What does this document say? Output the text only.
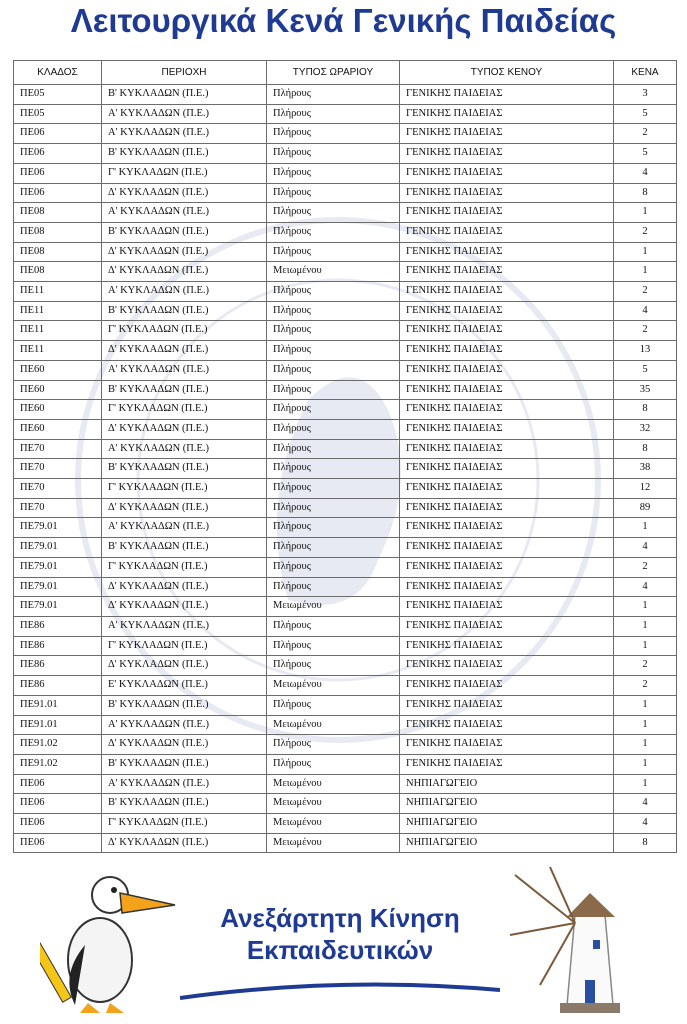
Λειτουργικά Κενά Γενικής Παιδείας
ΚΛΑΔΟΣ	ΠΕΡΙΟΧΗ	ΤΥΠΟΣ ΩΡΑΡΙΟΥ	ΤΥΠΟΣ ΚΕΝΟΥ	ΚΕΝΑ
ΠΕ05	Β' ΚΥΚΛΑΔΩΝ (Π.Ε.)	Πλήρους	ΓΕΝΙΚΗΣ ΠΑΙΔΕΙΑΣ	3
ΠΕ05	Α' ΚΥΚΛΑΔΩΝ (Π.Ε.)	Πλήρους	ΓΕΝΙΚΗΣ ΠΑΙΔΕΙΑΣ	5
ΠΕ06	Α' ΚΥΚΛΑΔΩΝ (Π.Ε.)	Πλήρους	ΓΕΝΙΚΗΣ ΠΑΙΔΕΙΑΣ	2
ΠΕ06	Β' ΚΥΚΛΑΔΩΝ (Π.Ε.)	Πλήρους	ΓΕΝΙΚΗΣ ΠΑΙΔΕΙΑΣ	5
ΠΕ06	Γ' ΚΥΚΛΑΔΩΝ (Π.Ε.)	Πλήρους	ΓΕΝΙΚΗΣ ΠΑΙΔΕΙΑΣ	4
ΠΕ06	Δ' ΚΥΚΛΑΔΩΝ (Π.Ε.)	Πλήρους	ΓΕΝΙΚΗΣ ΠΑΙΔΕΙΑΣ	8
ΠΕ08	Α' ΚΥΚΛΑΔΩΝ (Π.Ε.)	Πλήρους	ΓΕΝΙΚΗΣ ΠΑΙΔΕΙΑΣ	1
ΠΕ08	Β' ΚΥΚΛΑΔΩΝ (Π.Ε.)	Πλήρους	ΓΕΝΙΚΗΣ ΠΑΙΔΕΙΑΣ	2
ΠΕ08	Δ' ΚΥΚΛΑΔΩΝ (Π.Ε.)	Πλήρους	ΓΕΝΙΚΗΣ ΠΑΙΔΕΙΑΣ	1
ΠΕ08	Δ' ΚΥΚΛΑΔΩΝ (Π.Ε.)	Μειωμένου	ΓΕΝΙΚΗΣ ΠΑΙΔΕΙΑΣ	1
ΠΕ11	Α' ΚΥΚΛΑΔΩΝ (Π.Ε.)	Πλήρους	ΓΕΝΙΚΗΣ ΠΑΙΔΕΙΑΣ	2
ΠΕ11	Β' ΚΥΚΛΑΔΩΝ (Π.Ε.)	Πλήρους	ΓΕΝΙΚΗΣ ΠΑΙΔΕΙΑΣ	4
ΠΕ11	Γ' ΚΥΚΛΑΔΩΝ (Π.Ε.)	Πλήρους	ΓΕΝΙΚΗΣ ΠΑΙΔΕΙΑΣ	2
ΠΕ11	Δ' ΚΥΚΛΑΔΩΝ (Π.Ε.)	Πλήρους	ΓΕΝΙΚΗΣ ΠΑΙΔΕΙΑΣ	13
ΠΕ60	Α' ΚΥΚΛΑΔΩΝ (Π.Ε.)	Πλήρους	ΓΕΝΙΚΗΣ ΠΑΙΔΕΙΑΣ	5
ΠΕ60	Β' ΚΥΚΛΑΔΩΝ (Π.Ε.)	Πλήρους	ΓΕΝΙΚΗΣ ΠΑΙΔΕΙΑΣ	35
ΠΕ60	Γ' ΚΥΚΛΑΔΩΝ (Π.Ε.)	Πλήρους	ΓΕΝΙΚΗΣ ΠΑΙΔΕΙΑΣ	8
ΠΕ60	Δ' ΚΥΚΛΑΔΩΝ (Π.Ε.)	Πλήρους	ΓΕΝΙΚΗΣ ΠΑΙΔΕΙΑΣ	32
ΠΕ70	Α' ΚΥΚΛΑΔΩΝ (Π.Ε.)	Πλήρους	ΓΕΝΙΚΗΣ ΠΑΙΔΕΙΑΣ	8
ΠΕ70	Β' ΚΥΚΛΑΔΩΝ (Π.Ε.)	Πλήρους	ΓΕΝΙΚΗΣ ΠΑΙΔΕΙΑΣ	38
ΠΕ70	Γ' ΚΥΚΛΑΔΩΝ (Π.Ε.)	Πλήρους	ΓΕΝΙΚΗΣ ΠΑΙΔΕΙΑΣ	12
ΠΕ70	Δ' ΚΥΚΛΑΔΩΝ (Π.Ε.)	Πλήρους	ΓΕΝΙΚΗΣ ΠΑΙΔΕΙΑΣ	89
ΠΕ79.01	Α' ΚΥΚΛΑΔΩΝ (Π.Ε.)	Πλήρους	ΓΕΝΙΚΗΣ ΠΑΙΔΕΙΑΣ	1
ΠΕ79.01	Β' ΚΥΚΛΑΔΩΝ (Π.Ε.)	Πλήρους	ΓΕΝΙΚΗΣ ΠΑΙΔΕΙΑΣ	4
ΠΕ79.01	Γ' ΚΥΚΛΑΔΩΝ (Π.Ε.)	Πλήρους	ΓΕΝΙΚΗΣ ΠΑΙΔΕΙΑΣ	2
ΠΕ79.01	Δ' ΚΥΚΛΑΔΩΝ (Π.Ε.)	Πλήρους	ΓΕΝΙΚΗΣ ΠΑΙΔΕΙΑΣ	4
ΠΕ79.01	Δ' ΚΥΚΛΑΔΩΝ (Π.Ε.)	Μειωμένου	ΓΕΝΙΚΗΣ ΠΑΙΔΕΙΑΣ	1
ΠΕ86	Α' ΚΥΚΛΑΔΩΝ (Π.Ε.)	Πλήρους	ΓΕΝΙΚΗΣ ΠΑΙΔΕΙΑΣ	1
ΠΕ86	Γ' ΚΥΚΛΑΔΩΝ (Π.Ε.)	Πλήρους	ΓΕΝΙΚΗΣ ΠΑΙΔΕΙΑΣ	1
ΠΕ86	Δ' ΚΥΚΛΑΔΩΝ (Π.Ε.)	Πλήρους	ΓΕΝΙΚΗΣ ΠΑΙΔΕΙΑΣ	2
ΠΕ86	Ε' ΚΥΚΛΑΔΩΝ (Π.Ε.)	Μειωμένου	ΓΕΝΙΚΗΣ ΠΑΙΔΕΙΑΣ	2
ΠΕ91.01	Β' ΚΥΚΛΑΔΩΝ (Π.Ε.)	Πλήρους	ΓΕΝΙΚΗΣ ΠΑΙΔΕΙΑΣ	1
ΠΕ91.01	Α' ΚΥΚΛΑΔΩΝ (Π.Ε.)	Μειωμένου	ΓΕΝΙΚΗΣ ΠΑΙΔΕΙΑΣ	1
ΠΕ91.02	Δ' ΚΥΚΛΑΔΩΝ (Π.Ε.)	Πλήρους	ΓΕΝΙΚΗΣ ΠΑΙΔΕΙΑΣ	1
ΠΕ91.02	Β' ΚΥΚΛΑΔΩΝ (Π.Ε.)	Πλήρους	ΓΕΝΙΚΗΣ ΠΑΙΔΕΙΑΣ	1
ΠΕ06	Α' ΚΥΚΛΑΔΩΝ (Π.Ε.)	Μειωμένου	ΝΗΠΙΑΓΩΓΕΙΟ	1
ΠΕ06	Β' ΚΥΚΛΑΔΩΝ (Π.Ε.)	Μειωμένου	ΝΗΠΙΑΓΩΓΕΙΟ	4
ΠΕ06	Γ' ΚΥΚΛΑΔΩΝ (Π.Ε.)	Μειωμένου	ΝΗΠΙΑΓΩΓΕΙΟ	4
ΠΕ06	Δ' ΚΥΚΛΑΔΩΝ (Π.Ε.)	Μειωμένου	ΝΗΠΙΑΓΩΓΕΙΟ	8
Ανεξάρτητη Κίνηση
Εκπαιδευτικών
